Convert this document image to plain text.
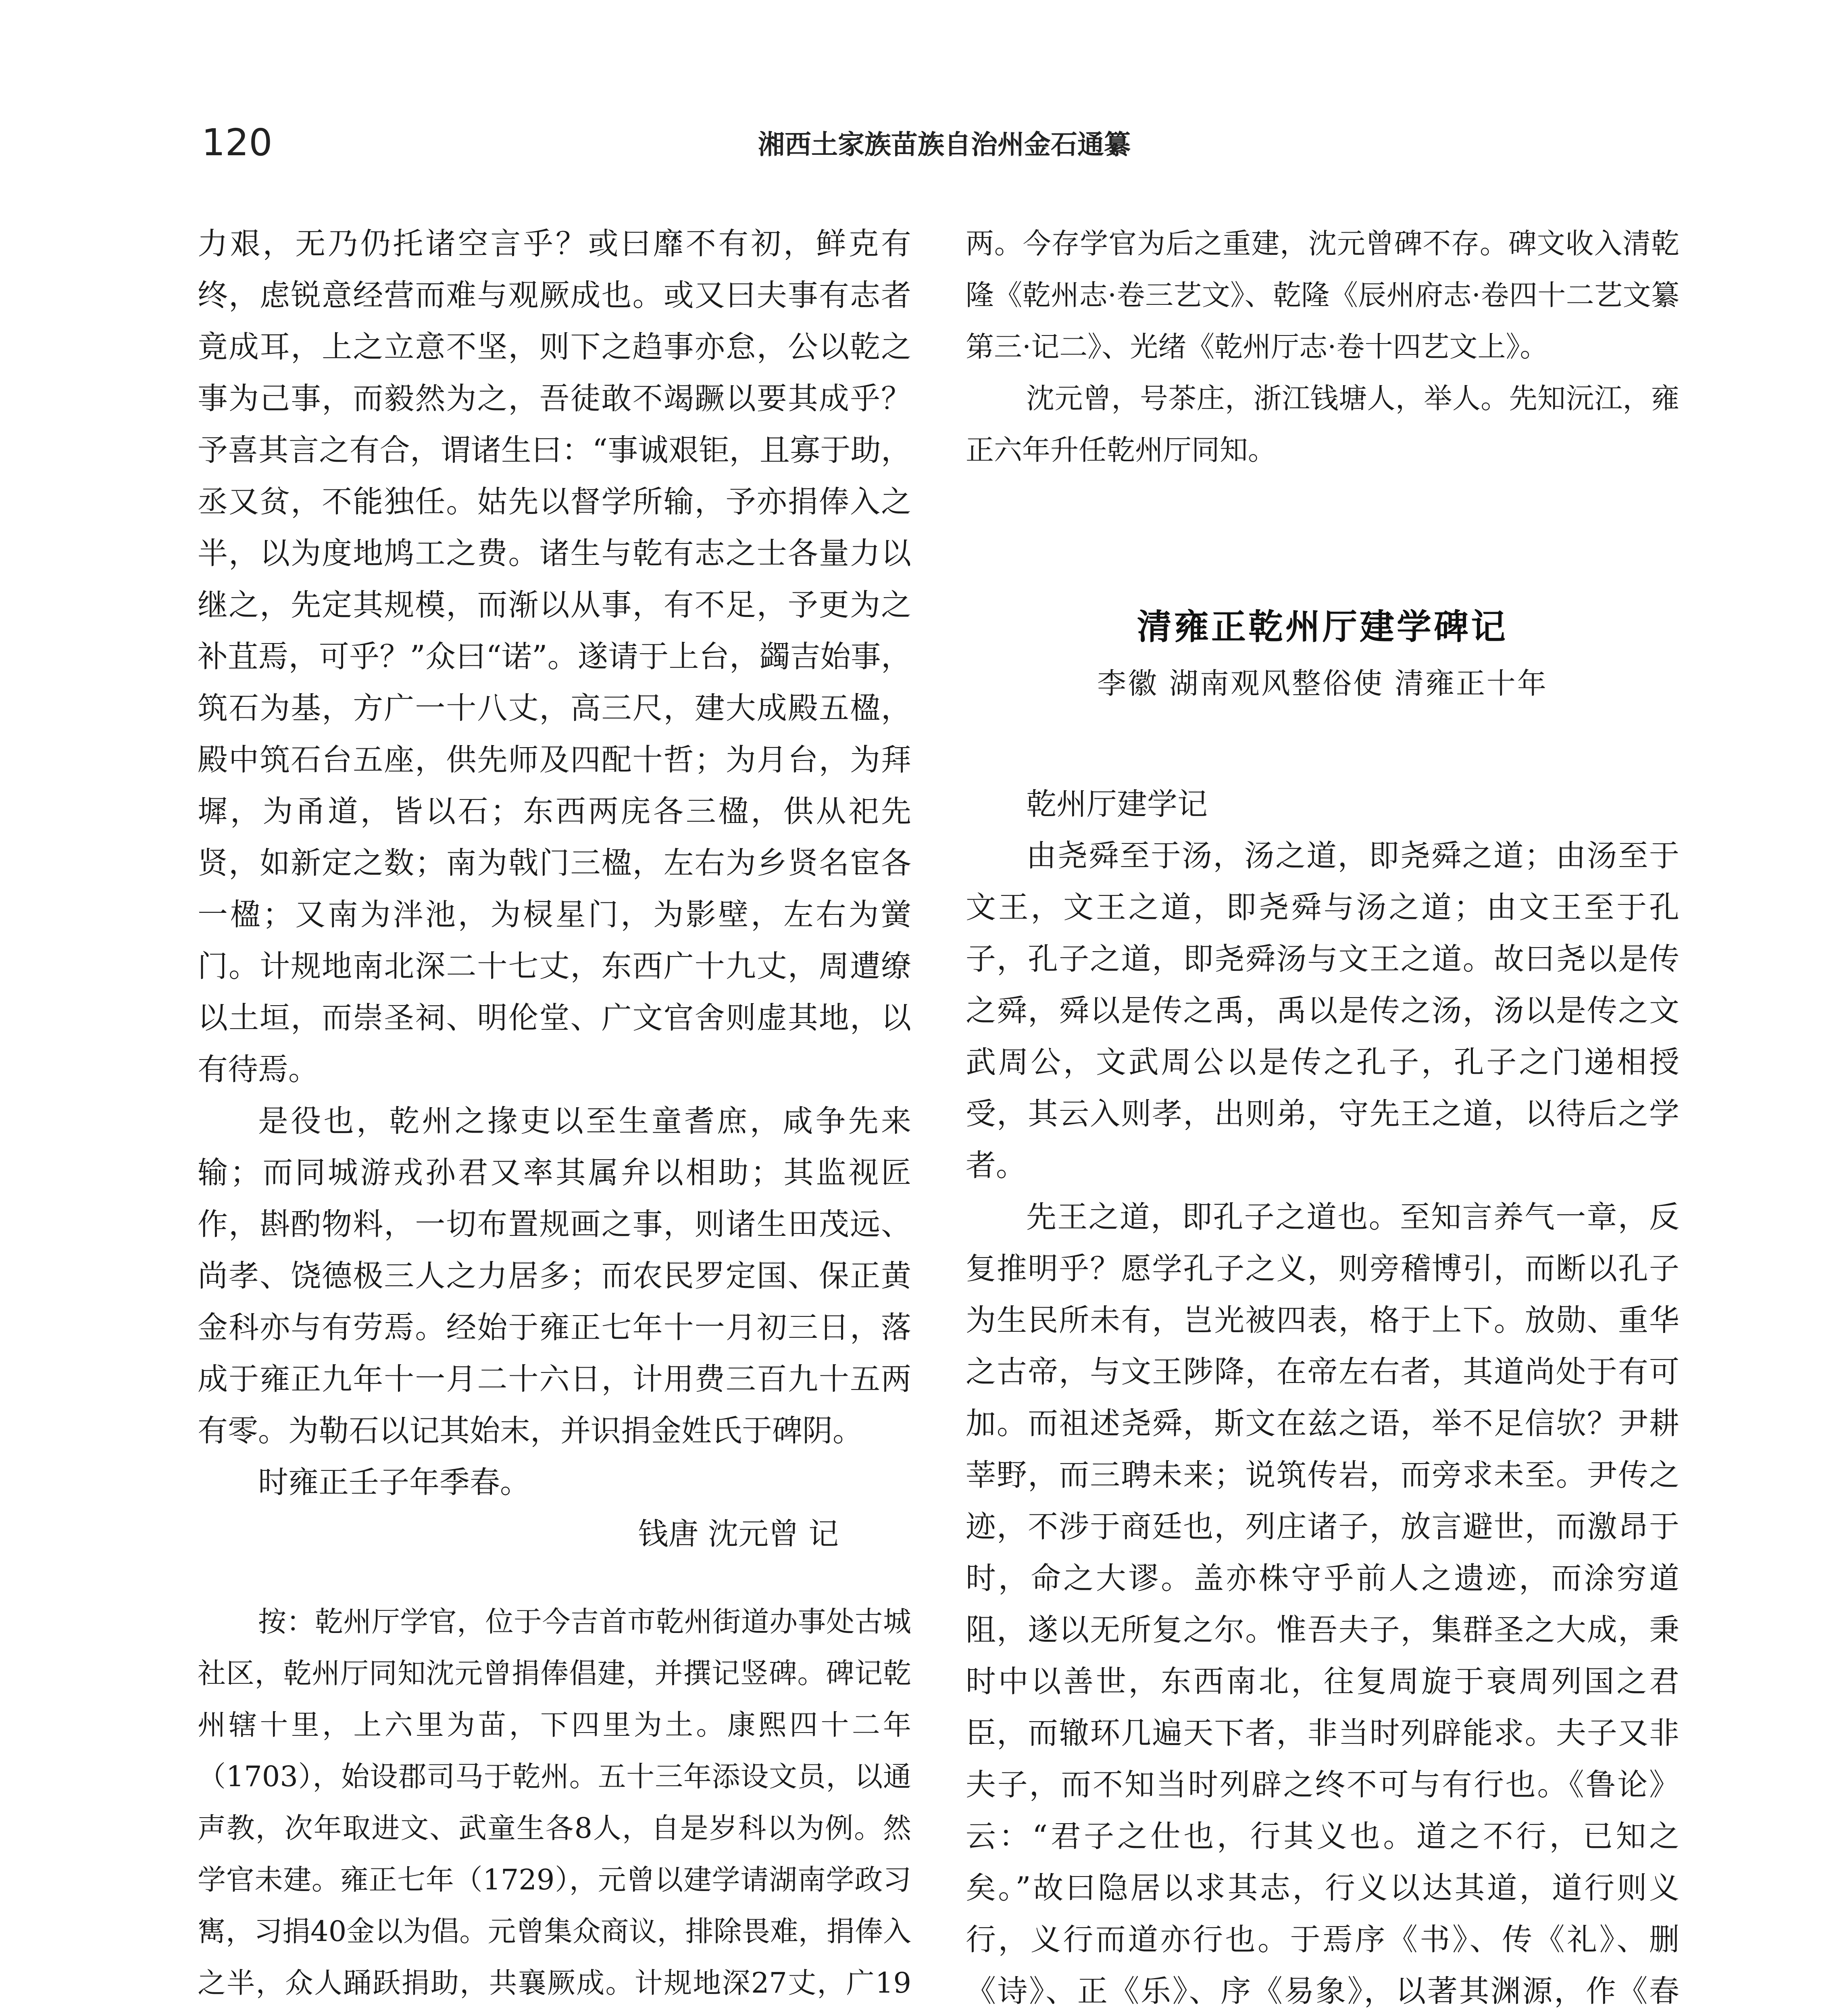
120	湘西土家族苗族自治州金石通纂

力艰，无乃仍托诸空言乎？或曰靡不有初，鲜克有终，虑锐意经营而难与观厥成也。或又曰夫事有志者竟成耳，上之立意不坚，则下之趋事亦怠，公以乾之事为己事，而毅然为之，吾徒敢不竭蹶以要其成乎？予喜其言之有合，谓诸生曰：“事诚艰钜，且寡于助，丞又贫，不能独任。姑先以督学所输，予亦捐俸入之半，以为度地鸠工之费。诸生与乾有志之士各量力以继之，先定其规模，而渐以从事，有不足，予更为之补苴焉，可乎？”众曰“诺”。遂请于上台，蠲吉始事，筑石为基，方广一十八丈，高三尺，建大成殿五楹，殿中筑石台五座，供先师及四配十哲；为月台，为拜墀，为甬道，皆以石；东西两庑各三楹，供从祀先贤，如新定之数；南为戟门三楹，左右为乡贤名宦各一楹；又南为泮池，为棂星门，为影壁，左右为黉门。计规地南北深二十七丈，东西广十九丈，周遭缭以土垣，而崇圣祠、明伦堂、广文官舍则虚其地，以有待焉。

是役也，乾州之掾吏以至生童耆庶，咸争先来输；而同城游戎孙君又率其属弁以相助；其监视匠作，斟酌物料，一切布置规画之事，则诸生田茂远、尚孝、饶德极三人之力居多；而农民罗定国、保正黄金科亦与有劳焉。经始于雍正七年十一月初三日，落成于雍正九年十一月二十六日，计用费三百九十五两有零。为勒石以记其始末，并识捐金姓氏于碑阴。

时雍正壬子年季春。

钱唐 沈元曾 记

按：乾州厅学官，位于今吉首市乾州街道办事处古城社区，乾州厅同知沈元曾捐俸倡建，并撰记竖碑。碑记乾州辖十里，上六里为苗，下四里为土。康熙四十二年（1703），始设郡司马于乾州。五十三年添设文员，以通声教，次年取进文、武童生各8人，自是岁科以为例。然学官未建。雍正七年（1729），元曾以建学请湖南学政习寯，习捐40金以为倡。元曾集众商议，排除畏难，捐俸入之半，众人踊跃捐助，共襄厥成。计规地深27丈，广19

两。今存学官为后之重建，沈元曾碑不存。碑文收入清乾隆《乾州志·卷三艺文》、乾隆《辰州府志·卷四十二艺文纂第三·记二》、光绪《乾州厅志·卷十四艺文上》。

沈元曾，号茶庄，浙江钱塘人，举人。先知沅江，雍正六年升任乾州厅同知。

清雍正乾州厅建学碑记

李徽 湖南观风整俗使 清雍正十年

乾州厅建学记

由尧舜至于汤，汤之道，即尧舜之道；由汤至于文王，文王之道，即尧舜与汤之道；由文王至于孔子，孔子之道，即尧舜汤与文王之道。故曰尧以是传之舜，舜以是传之禹，禹以是传之汤，汤以是传之文武周公，文武周公以是传之孔子，孔子之门递相授受，其云入则孝，出则弟，守先王之道，以待后之学者。

先王之道，即孔子之道也。至知言养气一章，反复推明乎？愿学孔子之义，则旁稽博引，而断以孔子为生民所未有，岂光被四表，格于上下。放勋、重华之古帝，与文王陟降，在帝左右者，其道尚处于有可加。而祖述尧舜，斯文在兹之语，举不足信欤？尹耕莘野，而三聘未来；说筑传岩，而旁求未至。尹传之迹，不涉于商廷也，列庄诸子，放言避世，而激昂于时，命之大谬。盖亦株守乎前人之遗迹，而涂穷道阻，遂以无所复之尔。惟吾夫子，集群圣之大成，秉时中以善世，东西南北，往复周旋于衰周列国之君臣，而辙环几遍天下者，非当时列辟能求。夫子又非夫子，而不知当时列辟之终不可与有行也。《鲁论》云：“君子之仕也，行其义也。道之不行，已知之矣。”故曰隐居以求其志，行义以达其道，道行则义行，义行而道亦行也。于焉序《书》、传《礼》、删《诗》、正《乐》、序《易象》，以著其渊源，作《春
